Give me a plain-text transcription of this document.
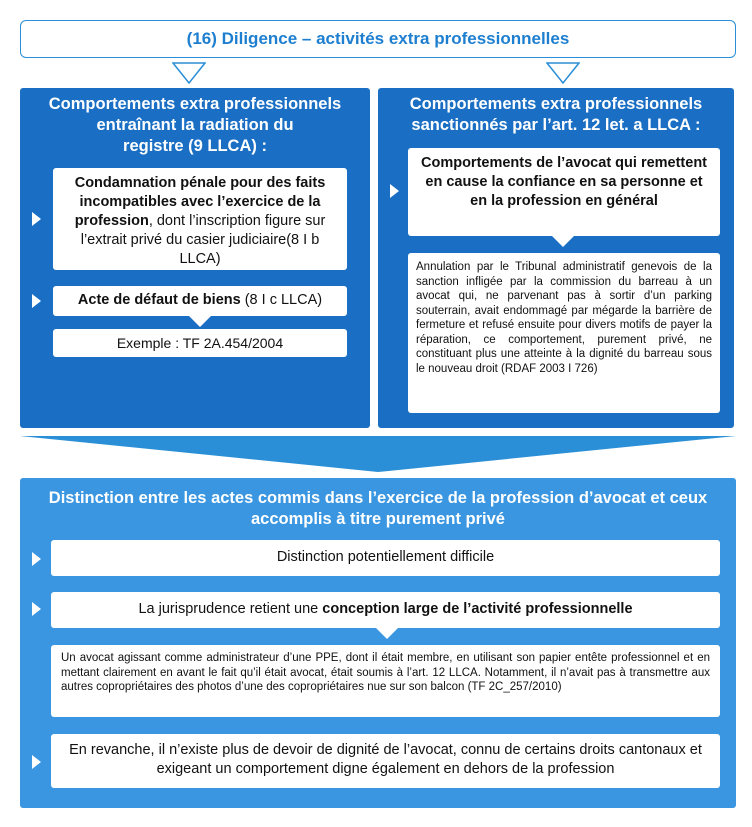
(16) Diligence – activités extra professionnelles
Comportements extra professionnels
entraînant la radiation du
registre (9 LLCA) :
Condamnation pénale pour des faits incompatibles avec l’exercice de la profession, dont l’inscription figure sur l’extrait privé du casier judiciaire(8 I b LLCA)
Acte de défaut de biens (8 I c LLCA)
Exemple : TF 2A.454/2004
Comportements extra professionnels
sanctionnés par l’art. 12 let. a LLCA :
Comportements de l’avocat qui remettent en cause la confiance en sa personne et en la profession en général
Annulation par le Tribunal administratif genevois de la sanction infligée par la commission du barreau à un avocat qui, ne parvenant pas à sortir d’un parking souterrain, avait endommagé par mégarde la barrière de fermeture et refusé ensuite pour divers motifs de payer la réparation, ce comportement, purement privé, ne constituant plus une atteinte à la dignité du barreau sous le nouveau droit (RDAF 2003 I 726)
Distinction entre les actes commis dans l’exercice de la profession d’avocat et ceux accomplis à titre purement privé
Distinction potentiellement difficile
La jurisprudence retient une conception large de l’activité professionnelle
Un avocat agissant comme administrateur d’une PPE, dont il était membre, en utilisant son papier entête professionnel et en mettant clairement en avant le fait qu’il était avocat, était soumis à l’art. 12 LLCA. Notamment, il n’avait pas à transmettre aux autres copropriétaires des photos d’une des copropriétaires nue sur son balcon (TF 2C_257/2010)
En revanche, il n’existe plus de devoir de dignité de l’avocat, connu de certains droits cantonaux et exigeant un comportement digne également en dehors de la profession
